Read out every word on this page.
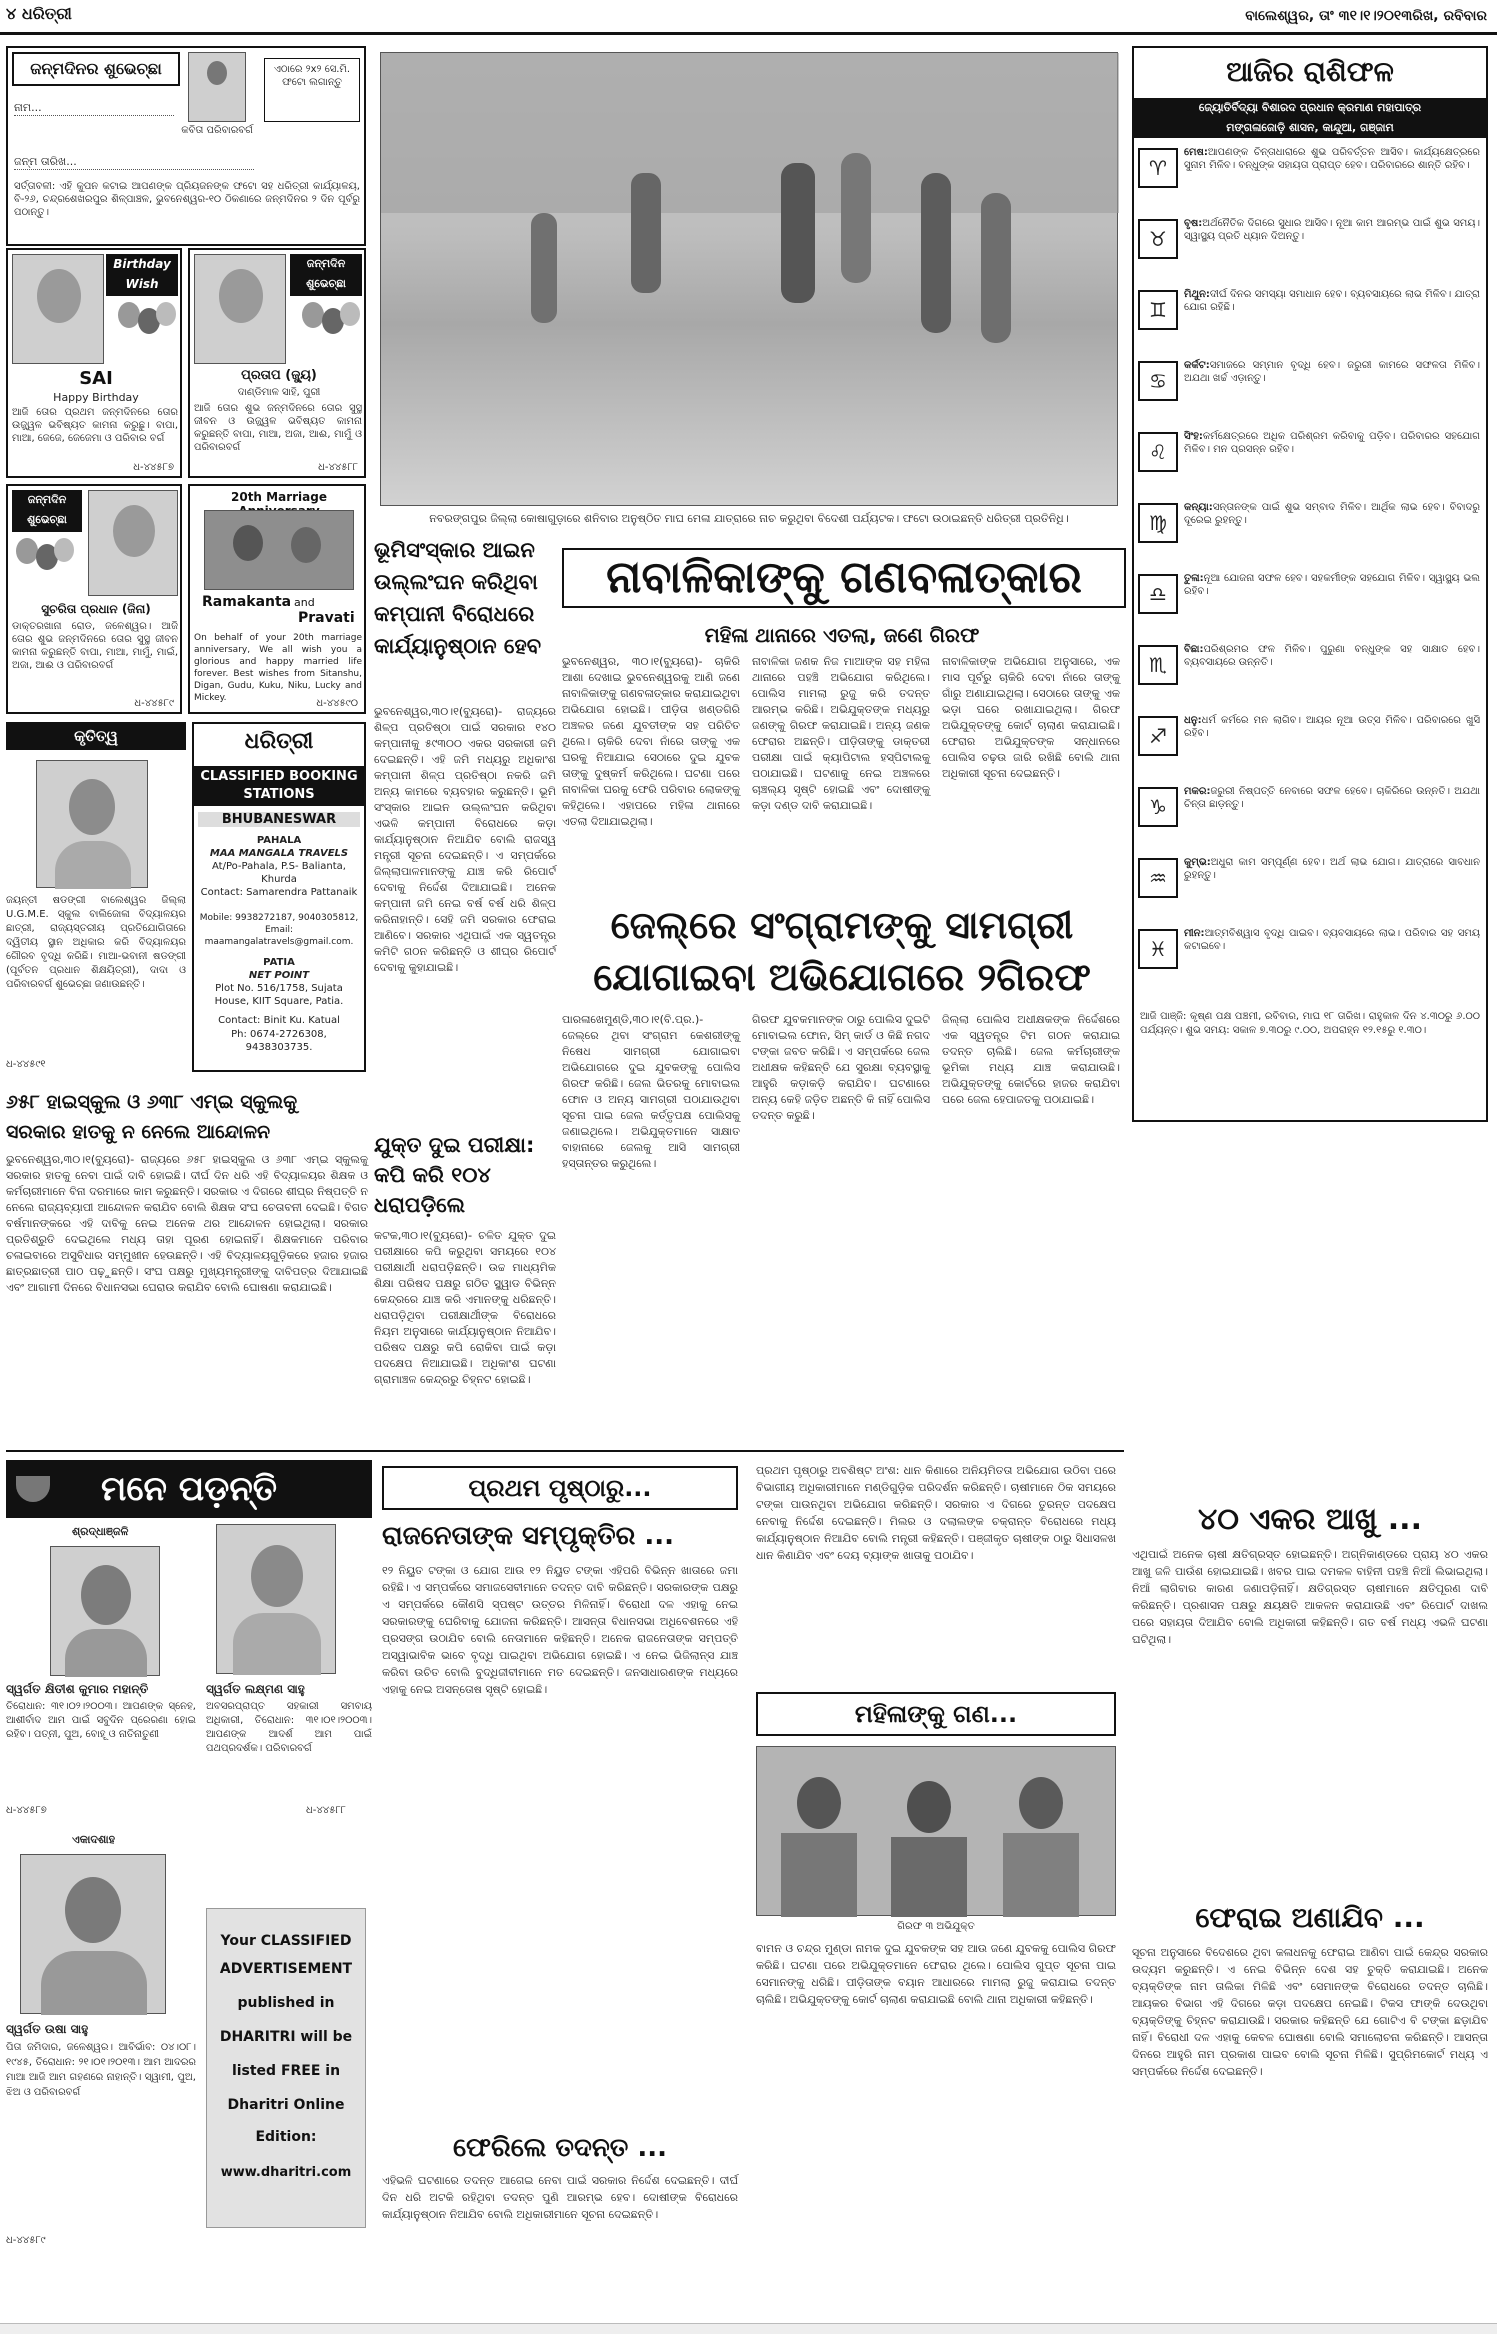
୪ ଧରିତ୍ରୀ	ବାଲେଶ୍ୱର, ତାଂ ୩୧।୧।୨୦୧୩ରିଖ, ରବିବାର
ଜନ୍ମଦିନର ଶୁଭେଚ୍ଛା
କବିତା ପରିବାରବର୍ଗ
ଏଠାରେ ୨x୨ ସେ.ମି. ଫଟୋ ଲଗାନ୍ତୁ
ନାମ...
ଜନ୍ମ ତାରିଖ...
ସର୍ତ୍ତାବଳୀ: ଏହି କୁପନ କଟାଇ ଆପଣଙ୍କ ପ୍ରିୟଜନଙ୍କ ଫଟୋ ସହ ଧରିତ୍ରୀ କାର୍ଯ୍ୟାଳୟ, ବି-୨୬, ଚନ୍ଦ୍ରଶେଖରପୁର ଶିଳ୍ପାଞ୍ଚଳ, ଭୁବନେଶ୍ୱର-୧୦ ଠିକଣାରେ ଜନ୍ମଦିନର ୨ ଦିନ ପୂର୍ବରୁ ପଠାନ୍ତୁ।
Birthday Wish
SAI
Happy Birthday
ଆଜି ତୋର ପ୍ରଥମ ଜନ୍ମଦିନରେ ତୋର ଉଜ୍ଜ୍ୱଳ ଭବିଷ୍ୟତ କାମନା କରୁଛୁ। ବାପା, ମାଆ, ଜେଜେ, ଜେଜେମା ଓ ପରିବାର ବର୍ଗ
ଧ-୪୪୫୮୭
ଜନ୍ମଦିନ ଶୁଭେଚ୍ଛା
ପ୍ରତାପ (ଜ୍ୟୁ)
ଦାଣ୍ଡିମାଳ ସାହି, ପୁରୀ
ଆଜି ତୋର ଶୁଭ ଜନ୍ମଦିନରେ ତୋର ସୁସ୍ଥ ଜୀବନ ଓ ଉଜ୍ଜ୍ୱଳ ଭବିଷ୍ୟତ କାମନା କରୁଛନ୍ତି ବାପା, ମାଆ, ଅଜା, ଆଈ, ମାମୁଁ ଓ ପରିବାରବର୍ଗ
ଧ-୪୪୫୮୮
ଜନ୍ମଦିନ ଶୁଭେଚ୍ଛା
ସୁଚରିତା ପ୍ରଧାନ (ଜିନା)
ଡାକ୍ତରଖାନା ରୋଡ, ଜଳେଶ୍ୱର। ଆଜି ତୋର ଶୁଭ ଜନ୍ମଦିନରେ ତୋର ସୁସ୍ଥ ଜୀବନ କାମନା କରୁଛନ୍ତି ବାପା, ମାଆ, ମାମୁଁ, ମାଇଁ, ଅଜା, ଆଈ ଓ ପରିବାରବର୍ଗ
ଧ-୪୪୫୮୯
20th Marriage
Ramakanta and
Pravati
On behalf of your 20th marriage anniversary, We all wish you a glorious and happy married life forever. Best wishes from Sitanshu, Digan, Gudu, Kuku, Niku, Lucky and Mickey.	ଧ-୪୪୫୯୦
କୃତିତ୍ୱ
ଜୟନ୍ତୀ ଷଡଙ୍ଗୀ ବାଲେଶ୍ୱର ଜିଲ୍ଲା U.G.M.E. ସ୍କୁଲ ବାଲିଜୋଳା ବିଦ୍ୟାଳୟର ଛାତ୍ରୀ, ରାଜ୍ୟସ୍ତରୀୟ ପ୍ରତିଯୋଗିତାରେ ଦ୍ୱିତୀୟ ସ୍ଥାନ ଅଧିକାର କରି ବିଦ୍ୟାଳୟର ଗୌରବ ବୃଦ୍ଧି କରିଛି। ମାଆ-ଭବାନୀ ଷଡଙ୍ଗୀ (ପୂର୍ବତନ ପ୍ରଧାନ ଶିକ୍ଷୟିତ୍ରୀ), ଦାଦା ଓ ପରିବାରବର୍ଗ ଶୁଭେଚ୍ଛା ଜଣାଉଛନ୍ତି।
ଧ-୪୪୫୯୧
ଧରିତ୍ରୀ
CLASSIFIED BOOKING STATIONS
BHUBANESWAR
PAHALA
MAA MANGALA TRAVELS
At/Po-Pahala, P.S- Balianta, Khurda
Contact: Samarendra Pattanaik
Mobile: 9938272187, 9040305812, Email: maamangalatravels@gmail.com.
PATIA
NET POINT
Plot No. 516/1758, Sujata House, KIIT Square, Patia.
Contact: Binit Ku. Katual
Ph: 0674-2726308, 9438303735.
ନବରଙ୍ଗପୁର ଜିଲ୍ଲା କୋଷାଗୁଡ଼ାରେ ଶନିବାର ଅନୁଷ୍ଠିତ ମାଘ ମେଳା ଯାତ୍ରାରେ ନାଚ କରୁଥିବା ବିଦେଶୀ ପର୍ଯ୍ୟଟକ। ଫଟୋ ଉଠାଇଛନ୍ତି ଧରିତ୍ରୀ ପ୍ରତିନିଧି।
ଭୂମିସଂସ୍କାର ଆଇନ ଉଲ୍ଲଂଘନ କରିଥିବା କମ୍ପାନୀ ବିରୋଧରେ କାର୍ଯ୍ୟାନୁଷ୍ଠାନ ହେବ
ଭୁବନେଶ୍ୱର,୩୦।୧(ବ୍ୟୁରୋ)- ରାଜ୍ୟରେ ଶିଳ୍ପ ପ୍ରତିଷ୍ଠା ପାଇଁ ସରକାର ୧୪୦ କମ୍ପାନୀକୁ ୫୯୩୦୦ ଏକର ସରକାରୀ ଜମି ଦେଇଛନ୍ତି। ଏହି ଜମି ମଧ୍ୟରୁ ଅଧିକାଂଶ କମ୍ପାନୀ ଶିଳ୍ପ ପ୍ରତିଷ୍ଠା ନକରି ଜମି ଅନ୍ୟ କାମରେ ବ୍ୟବହାର କରୁଛନ୍ତି। ଭୂମି ସଂସ୍କାର ଆଇନ ଉଲ୍ଲଂଘନ କରିଥିବା ଏଭଳି କମ୍ପାନୀ ବିରୋଧରେ କଡ଼ା କାର୍ଯ୍ୟାନୁଷ୍ଠାନ ନିଆଯିବ ବୋଲି ରାଜସ୍ୱ ମନ୍ତ୍ରୀ ସୂଚନା ଦେଇଛନ୍ତି। ଏ ସମ୍ପର୍କରେ ଜିଲ୍ଲାପାଳମାନଙ୍କୁ ଯାଞ୍ଚ କରି ରିପୋର୍ଟ ଦେବାକୁ ନିର୍ଦ୍ଦେଶ ଦିଆଯାଇଛି। ଅନେକ କମ୍ପାନୀ ଜମି ନେଇ ବର୍ଷ ବର୍ଷ ଧରି ଶିଳ୍ପ କରିନାହାନ୍ତି। ସେହି ଜମି ସରକାର ଫେରାଇ ଆଣିବେ। ସରକାର ଏଥିପାଇଁ ଏକ ସ୍ୱତନ୍ତ୍ର କମିଟି ଗଠନ କରିଛନ୍ତି ଓ ଶୀଘ୍ର ରିପୋର୍ଟ ଦେବାକୁ କୁହାଯାଇଛି।
ନାବାଳିକାଙ୍କୁ ଗଣବଳାତ୍କାର
ମହିଳା ଥାନାରେ ଏତଲା, ଜଣେ ଗିରଫ
ଭୁବନେଶ୍ୱର, ୩୦।୧(ବ୍ୟୁରୋ)- ଚାକିରି ଆଶା ଦେଖାଇ ଭୁବନେଶ୍ୱରକୁ ଆଣି ଜଣେ ନାବାଳିକାଙ୍କୁ ଗଣବଳାତ୍କାର କରାଯାଇଥିବା ଅଭିଯୋଗ ହୋଇଛି। ପୀଡ଼ିତା ଖଣ୍ଡଗିରି ଅଞ୍ଚଳର ଜଣେ ଯୁବତୀଙ୍କ ସହ ପରିଚିତ ଥିଲେ। ଚାକିରି ଦେବା ନାଁରେ ତାଙ୍କୁ ଏକ ଘରକୁ ନିଆଯାଇ ସେଠାରେ ଦୁଇ ଯୁବକ ତାଙ୍କୁ ଦୁଷ୍କର୍ମ କରିଥିଲେ। ଘଟଣା ପରେ ନାବାଳିକା ଘରକୁ ଫେରି ପରିବାର ଲୋକଙ୍କୁ କହିଥିଲେ। ଏହାପରେ ମହିଳା ଥାନାରେ ଏତଲା ଦିଆଯାଇଥିଲା।
ନାବାଳିକା ଜଣକ ନିଜ ମାଆଙ୍କ ସହ ମହିଳା ଥାନାରେ ପହଞ୍ଚି ଅଭିଯୋଗ କରିଥିଲେ। ପୋଲିସ ମାମଲା ରୁଜୁ କରି ତଦନ୍ତ ଆରମ୍ଭ କରିଛି। ଅଭିଯୁକ୍ତଙ୍କ ମଧ୍ୟରୁ ଜଣଙ୍କୁ ଗିରଫ କରାଯାଇଛି। ଅନ୍ୟ ଜଣକ ଫେରାର ଅଛନ୍ତି। ପୀଡ଼ିତାଙ୍କୁ ଡାକ୍ତରୀ ପରୀକ୍ଷା ପାଇଁ କ୍ୟାପିଟାଲ ହସ୍ପିଟାଲକୁ ପଠାଯାଇଛି। ଘଟଣାକୁ ନେଇ ଅଞ୍ଚଳରେ ଚାଞ୍ଚଲ୍ୟ ସୃଷ୍ଟି ହୋଇଛି ଏବଂ ଦୋଷୀଙ୍କୁ କଡ଼ା ଦଣ୍ଡ ଦାବି କରାଯାଇଛି।
ନାବାଳିକାଙ୍କ ଅଭିଯୋଗ ଅନୁସାରେ, ଏକ ମାସ ପୂର୍ବରୁ ଚାକିରି ଦେବା ନାଁରେ ତାଙ୍କୁ ଗାଁରୁ ଅଣାଯାଇଥିଲା। ସେଠାରେ ତାଙ୍କୁ ଏକ ଭଡ଼ା ଘରେ ରଖାଯାଇଥିଲା। ଗିରଫ ଅଭିଯୁକ୍ତଙ୍କୁ କୋର୍ଟ ଚାଲାଣ କରାଯାଇଛି। ଫେରାର ଅଭିଯୁକ୍ତଙ୍କ ସନ୍ଧାନରେ ପୋଲିସ ଚଢ଼ଉ ଜାରି ରଖିଛି ବୋଲି ଥାନା ଅଧିକାରୀ ସୂଚନା ଦେଇଛନ୍ତି।
ଜେଲ୍‌ରେ ସଂଗ୍ରାମଙ୍କୁ ସାମଗ୍ରୀ
ଯୋଗାଇବା ଅଭିଯୋଗରେ ୨ଗିରଫ
ପାରଳାଖେମୁଣ୍ଡି,୩୦।୧(ବି.ପ୍ର.)- ଜେଲ୍‌ରେ ଥିବା ସଂଗ୍ରାମ କେଶରୀଙ୍କୁ ନିଷେଧ ସାମଗ୍ରୀ ଯୋଗାଇବା ଅଭିଯୋଗରେ ଦୁଇ ଯୁବକଙ୍କୁ ପୋଲିସ ଗିରଫ କରିଛି। ଜେଲ ଭିତରକୁ ମୋବାଇଲ ଫୋନ ଓ ଅନ୍ୟ ସାମଗ୍ରୀ ପଠାଯାଉଥିବା ସୂଚନା ପାଇ ଜେଲ କର୍ତ୍ତୃପକ୍ଷ ପୋଲିସକୁ ଜଣାଇଥିଲେ। ଅଭିଯୁକ୍ତମାନେ ସାକ୍ଷାତ ବାହାନାରେ ଜେଲକୁ ଆସି ସାମଗ୍ରୀ ହସ୍ତାନ୍ତର କରୁଥିଲେ।
ଗିରଫ ଯୁବକମାନଙ୍କ ଠାରୁ ପୋଲିସ ଦୁଇଟି ମୋବାଇଲ ଫୋନ, ସିମ୍ କାର୍ଡ ଓ କିଛି ନଗଦ ଟଙ୍କା ଜବତ କରିଛି। ଏ ସମ୍ପର୍କରେ ଜେଲ ଅଧୀକ୍ଷକ କହିଛନ୍ତି ଯେ ସୁରକ୍ଷା ବ୍ୟବସ୍ଥାକୁ ଆହୁରି କଡ଼ାକଡ଼ି କରାଯିବ। ଘଟଣାରେ ଅନ୍ୟ କେହି ଜଡ଼ିତ ଅଛନ୍ତି କି ନାହିଁ ପୋଲିସ ତଦନ୍ତ କରୁଛି।
ଜିଲ୍ଲା ପୋଲିସ ଅଧୀକ୍ଷକଙ୍କ ନିର୍ଦ୍ଦେଶରେ ଏକ ସ୍ୱତନ୍ତ୍ର ଟିମ ଗଠନ କରାଯାଇ ତଦନ୍ତ ଚାଲିଛି। ଜେଲ କର୍ମଚାରୀଙ୍କ ଭୂମିକା ମଧ୍ୟ ଯାଞ୍ଚ କରାଯାଉଛି। ଅଭିଯୁକ୍ତଙ୍କୁ କୋର୍ଟରେ ହାଜର କରାଯିବା ପରେ ଜେଲ ହେପାଜତକୁ ପଠାଯାଇଛି।
ଯୁକ୍ତ ଦୁଇ ପରୀକ୍ଷା: କପି କରି ୧୦୪ ଧରାପଡ଼ିଲେ
କଟକ,୩୦।୧(ବ୍ୟୁରୋ)- ଚଳିତ ଯୁକ୍ତ ଦୁଇ ପରୀକ୍ଷାରେ କପି କରୁଥିବା ସମୟରେ ୧୦୪ ପରୀକ୍ଷାର୍ଥୀ ଧରାପଡ଼ିଛନ୍ତି। ଉଚ୍ଚ ମାଧ୍ୟମିକ ଶିକ୍ଷା ପରିଷଦ ପକ୍ଷରୁ ଗଠିତ ସ୍କ୍ୱାଡ ବିଭିନ୍ନ କେନ୍ଦ୍ରରେ ଯାଞ୍ଚ କରି ଏମାନଙ୍କୁ ଧରିଛନ୍ତି। ଧରାପଡ଼ିଥିବା ପରୀକ୍ଷାର୍ଥୀଙ୍କ ବିରୋଧରେ ନିୟମ ଅନୁସାରେ କାର୍ଯ୍ୟାନୁଷ୍ଠାନ ନିଆଯିବ। ପରିଷଦ ପକ୍ଷରୁ କପି ରୋକିବା ପାଇଁ କଡ଼ା ପଦକ୍ଷେପ ନିଆଯାଇଛି। ଅଧିକାଂଶ ଘଟଣା ଗ୍ରାମାଞ୍ଚଳ କେନ୍ଦ୍ରରୁ ଚିହ୍ନଟ ହୋଇଛି।
୬୫୮ ହାଇସ୍କୁଲ ଓ ୬୩୮ ଏମ୍‌ଇ ସ୍କୁଲକୁ
ସରକାର ହାତକୁ ନ ନେଲେ ଆନ୍ଦୋଳନ
ଭୁବନେଶ୍ୱର,୩୦।୧(ବ୍ୟୁରୋ)- ରାଜ୍ୟରେ ୬୫୮ ହାଇସ୍କୁଲ ଓ ୬୩୮ ଏମ୍‌ଇ ସ୍କୁଲକୁ ସରକାର ହାତକୁ ନେବା ପାଇଁ ଦାବି ହୋଇଛି। ଦୀର୍ଘ ଦିନ ଧରି ଏହି ବିଦ୍ୟାଳୟର ଶିକ୍ଷକ ଓ କର୍ମଚାରୀମାନେ ବିନା ଦରମାରେ କାମ କରୁଛନ୍ତି। ସରକାର ଏ ଦିଗରେ ଶୀଘ୍ର ନିଷ୍ପତ୍ତି ନ ନେଲେ ରାଜ୍ୟବ୍ୟାପୀ ଆନ୍ଦୋଳନ କରାଯିବ ବୋଲି ଶିକ୍ଷକ ସଂଘ ଚେତାବନୀ ଦେଇଛି। ବିଗତ ବର୍ଷମାନଙ୍କରେ ଏହି ଦାବିକୁ ନେଇ ଅନେକ ଥର ଆନ୍ଦୋଳନ ହୋଇଥିଲା। ସରକାର ପ୍ରତିଶ୍ରୁତି ଦେଇଥିଲେ ମଧ୍ୟ ତାହା ପୂରଣ ହୋଇନାହିଁ। ଶିକ୍ଷକମାନେ ପରିବାର ଚଳାଇବାରେ ଅସୁବିଧାର ସମ୍ମୁଖୀନ ହେଉଛନ୍ତି। ଏହି ବିଦ୍ୟାଳୟଗୁଡ଼ିକରେ ହଜାର ହଜାର ଛାତ୍ରଛାତ୍ରୀ ପାଠ ପଢ଼ୁଛନ୍ତି। ସଂଘ ପକ୍ଷରୁ ମୁଖ୍ୟମନ୍ତ୍ରୀଙ୍କୁ ଦାବିପତ୍ର ଦିଆଯାଇଛି ଏବଂ ଆଗାମୀ ଦିନରେ ବିଧାନସଭା ଘେରାଉ କରାଯିବ ବୋଲି ଘୋଷଣା କରାଯାଇଛି।
ଆଜିର ରାଶିଫଳ
ଜ୍ୟୋତିର୍ବିଦ୍ୟା ବିଶାରଦ ପ୍ରଧାନ କ୍ରମାଣ ମହାପାତ୍ର
ମଙ୍ଗଳାଜୋଡ଼ି ଶାସନ, କାନ୍ଦୁଆ, ଗଞ୍ଜାମ
♈
ମେଷ:ଆପଣଙ୍କ ଚିନ୍ତାଧାରାରେ ଶୁଭ ପରିବର୍ତ୍ତନ ଆସିବ। କାର୍ଯ୍ୟକ୍ଷେତ୍ରରେ ସୁନାମ ମିଳିବ। ବନ୍ଧୁଙ୍କ ସହାୟତା ପ୍ରାପ୍ତ ହେବ। ପରିବାରରେ ଶାନ୍ତି ରହିବ।
♉
ବୃଷ:ଅର୍ଥନୈତିକ ଦିଗରେ ସୁଧାର ଆସିବ। ନୂଆ କାମ ଆରମ୍ଭ ପାଇଁ ଶୁଭ ସମୟ। ସ୍ୱାସ୍ଥ୍ୟ ପ୍ରତି ଧ୍ୟାନ ଦିଅନ୍ତୁ।
♊
ମିଥୁନ:ଦୀର୍ଘ ଦିନର ସମସ୍ୟା ସମାଧାନ ହେବ। ବ୍ୟବସାୟରେ ଲାଭ ମିଳିବ। ଯାତ୍ରା ଯୋଗ ରହିଛି।
♋
କର୍କଟ:ସମାଜରେ ସମ୍ମାନ ବୃଦ୍ଧି ହେବ। ଜରୁରୀ କାମରେ ସଫଳତା ମିଳିବ। ଅଯଥା ଖର୍ଚ୍ଚ ଏଡ଼ାନ୍ତୁ।
♌
ସିଂହ:କର୍ମକ୍ଷେତ୍ରରେ ଅଧିକ ପରିଶ୍ରମ କରିବାକୁ ପଡ଼ିବ। ପରିବାରର ସହଯୋଗ ମିଳିବ। ମନ ପ୍ରସନ୍ନ ରହିବ।
♍
କନ୍ୟା:ସନ୍ତାନଙ୍କ ପାଇଁ ଶୁଭ ସମ୍ବାଦ ମିଳିବ। ଆର୍ଥିକ ଲାଭ ହେବ। ବିବାଦରୁ ଦୂରେଇ ରୁହନ୍ତୁ।
♎
ତୁଳା:ନୂଆ ଯୋଜନା ସଫଳ ହେବ। ସହକର୍ମୀଙ୍କ ସହଯୋଗ ମିଳିବ। ସ୍ୱାସ୍ଥ୍ୟ ଭଲ ରହିବ।
♏
ବିଛା:ପରିଶ୍ରମର ଫଳ ମିଳିବ। ପୁରୁଣା ବନ୍ଧୁଙ୍କ ସହ ସାକ୍ଷାତ ହେବ। ବ୍ୟବସାୟରେ ଉନ୍ନତି।
♐
ଧନୁ:ଧର୍ମ କର୍ମରେ ମନ ଲାଗିବ। ଆୟର ନୂଆ ଉତ୍ସ ମିଳିବ। ପରିବାରରେ ଖୁସି ରହିବ।
♑
ମକର:ଜରୁରୀ ନିଷ୍ପତ୍ତି ନେବାରେ ସଫଳ ହେବେ। ଚାକିରିରେ ଉନ୍ନତି। ଅଯଥା ଚିନ୍ତା ଛାଡ଼ନ୍ତୁ।
♒
କୁମ୍ଭ:ଅଧୁରା କାମ ସମ୍ପୂର୍ଣ୍ଣ ହେବ। ଅର୍ଥ ଲାଭ ଯୋଗ। ଯାତ୍ରାରେ ସାବଧାନ ରୁହନ୍ତୁ।
♓
ମୀନ:ଆତ୍ମବିଶ୍ୱାସ ବୃଦ୍ଧି ପାଇବ। ବ୍ୟବସାୟରେ ଲାଭ। ପରିବାର ସହ ସମୟ କଟାଇବେ।
ଆଜି ପାଞ୍ଜି: କୃଷ୍ଣ ପକ୍ଷ ପଞ୍ଚମୀ, ରବିବାର, ମାଘ ୧୮ ତାରିଖ। ରାହୁକାଳ ଦିନ ୪.୩୦ରୁ ୬.୦୦ ପର୍ଯ୍ୟନ୍ତ। ଶୁଭ ସମୟ: ସକାଳ ୭.୩୦ରୁ ୯.୦୦, ଅପରାହ୍ନ ୧୨.୧୫ରୁ ୧.୩୦।
ମନେ ପଡ଼ନ୍ତି
ଶ୍ରଦ୍ଧାଞ୍ଜଳି
ସ୍ୱର୍ଗତ କ୍ଷିତୀଶ କୁମାର ମହାନ୍ତି
ତିରୋଧାନ: ୩୧।୦୨।୨୦୦୩। ଆପଣଙ୍କ ସ୍ନେହ, ଆଶୀର୍ବାଦ ଆମ ପାଇଁ ସବୁଦିନ ପ୍ରେରଣା ହୋଇ ରହିବ। ପତ୍ନୀ, ପୁଅ, ବୋହୂ ଓ ନାତିନାତୁଣୀ
ଧ-୪୪୫୮୭
ସ୍ୱର୍ଗତ ଲକ୍ଷ୍ମଣ ସାହୁ
ଅବସରପ୍ରାପ୍ତ ସହକାରୀ ସମବାୟ ଅଧିକାରୀ, ତିରୋଧାନ: ୩୧।୦୧।୨୦୦୩। ଆପଣଙ୍କ ଆଦର୍ଶ ଆମ ପାଇଁ ପଥପ୍ରଦର୍ଶକ। ପରିବାରବର୍ଗ
ଧ-୪୪୫୮୮
ଏକାଦଶାହ
ସ୍ୱର୍ଗତ ଉଷା ସାହୁ
ପିତା ଜମିଦାର, ଜଳେଶ୍ୱର। ଆବିର୍ଭାବ: ୦୪।୦୮।୧୯୪୫, ତିରୋଧାନ: ୨୧।୦୧।୨୦୧୩। ଆମ ଆଦରର ମାଆ ଆଜି ଆମ ଗହଣରେ ନାହାନ୍ତି। ସ୍ୱାମୀ, ପୁଅ, ଝିଅ ଓ ପରିବାରବର୍ଗ
ଧ-୪୪୫୮୯
Your CLASSIFIED
ADVERTISEMENT
published in
DHARITRI will be
listed FREE in
Dharitri Online
Edition:
www.dharitri.com
ପ୍ରଥମ ପୃଷ୍ଠାରୁ...
ରାଜନେତାଙ୍କ ସମ୍ପୃକ୍ତିର ...
୧୨ ନିୟୁତ ଟଙ୍କା ଓ ଯୋଗ ଆଉ ୧୨ ନିୟୁତ ଟଙ୍କା ଏହିପରି ବିଭିନ୍ନ ଖାତାରେ ଜମା ରହିଛି। ଏ ସମ୍ପର୍କରେ ସମାଜସେବୀମାନେ ତଦନ୍ତ ଦାବି କରିଛନ୍ତି। ସରକାରଙ୍କ ପକ୍ଷରୁ ଏ ସମ୍ପର୍କରେ କୌଣସି ସ୍ପଷ୍ଟ ଉତ୍ତର ମିଳିନାହିଁ। ବିରୋଧୀ ଦଳ ଏହାକୁ ନେଇ ସରକାରଙ୍କୁ ଘେରିବାକୁ ଯୋଜନା କରିଛନ୍ତି। ଆସନ୍ତା ବିଧାନସଭା ଅଧିବେଶନରେ ଏହି ପ୍ରସଙ୍ଗ ଉଠାଯିବ ବୋଲି ନେତାମାନେ କହିଛନ୍ତି। ଅନେକ ରାଜନେତାଙ୍କ ସମ୍ପତ୍ତି ଅସ୍ୱାଭାବିକ ଭାବେ ବୃଦ୍ଧି ପାଇଥିବା ଅଭିଯୋଗ ହୋଇଛି। ଏ ନେଇ ଭିଜିଲାନ୍ସ ଯାଞ୍ଚ କରିବା ଉଚିତ ବୋଲି ବୁଦ୍ଧିଜୀବୀମାନେ ମତ ଦେଇଛନ୍ତି। ଜନସାଧାରଣଙ୍କ ମଧ୍ୟରେ ଏହାକୁ ନେଇ ଅସନ୍ତୋଷ ସୃଷ୍ଟି ହୋଇଛି।
ଫେରିଲେ ତଦନ୍ତ ...
ଏହିଭଳି ଘଟଣାରେ ତଦନ୍ତ ଆଗେଇ ନେବା ପାଇଁ ସରକାର ନିର୍ଦ୍ଦେଶ ଦେଇଛନ୍ତି। ଦୀର୍ଘ ଦିନ ଧରି ଅଟକି ରହିଥିବା ତଦନ୍ତ ପୁଣି ଆରମ୍ଭ ହେବ। ଦୋଷୀଙ୍କ ବିରୋଧରେ କାର୍ଯ୍ୟାନୁଷ୍ଠାନ ନିଆଯିବ ବୋଲି ଅଧିକାରୀମାନେ ସୂଚନା ଦେଇଛନ୍ତି।
ପ୍ରଥମ ପୃଷ୍ଠାରୁ ଅବଶିଷ୍ଟ ଅଂଶ: ଧାନ କିଣାରେ ଅନିୟମିତତା ଅଭିଯୋଗ ଉଠିବା ପରେ ବିଭାଗୀୟ ଅଧିକାରୀମାନେ ମଣ୍ଡିଗୁଡ଼ିକ ପରିଦର୍ଶନ କରିଛନ୍ତି। ଚାଷୀମାନେ ଠିକ ସମୟରେ ଟଙ୍କା ପାଉନଥିବା ଅଭିଯୋଗ କରିଛନ୍ତି। ସରକାର ଏ ଦିଗରେ ତୁରନ୍ତ ପଦକ୍ଷେପ ନେବାକୁ ନିର୍ଦ୍ଦେଶ ଦେଇଛନ୍ତି। ମିଲର ଓ ଦଲାଲଙ୍କ ଚକ୍ରାନ୍ତ ବିରୋଧରେ ମଧ୍ୟ କାର୍ଯ୍ୟାନୁଷ୍ଠାନ ନିଆଯିବ ବୋଲି ମନ୍ତ୍ରୀ କହିଛନ୍ତି। ପଞ୍ଜୀକୃତ ଚାଷୀଙ୍କ ଠାରୁ ସିଧାସଳଖ ଧାନ କିଣାଯିବ ଏବଂ ଦେୟ ବ୍ୟାଙ୍କ ଖାତାକୁ ପଠାଯିବ।
ମହିଳାଙ୍କୁ ଗଣ...
ଗିରଫ ୩ ଅଭିଯୁକ୍ତ
ବାମନ ଓ ଚନ୍ଦ୍ର ମୁଣ୍ଡା ନାମକ ଦୁଇ ଯୁବକଙ୍କ ସହ ଆଉ ଜଣେ ଯୁବକକୁ ପୋଲିସ ଗିରଫ କରିଛି। ଘଟଣା ପରେ ଅଭିଯୁକ୍ତମାନେ ଫେରାର ଥିଲେ। ପୋଲିସ ଗୁପ୍ତ ସୂଚନା ପାଇ ସେମାନଙ୍କୁ ଧରିଛି। ପୀଡ଼ିତାଙ୍କ ବୟାନ ଆଧାରରେ ମାମଲା ରୁଜୁ କରାଯାଇ ତଦନ୍ତ ଚାଲିଛି। ଅଭିଯୁକ୍ତଙ୍କୁ କୋର୍ଟ ଚାଲାଣ କରାଯାଇଛି ବୋଲି ଥାନା ଅଧିକାରୀ କହିଛନ୍ତି।
୪୦ ଏକର ଆଖୁ ...
ଏଥିପାଇଁ ଅନେକ ଚାଷୀ କ୍ଷତିଗ୍ରସ୍ତ ହୋଇଛନ୍ତି। ଅଗ୍ନିକାଣ୍ଡରେ ପ୍ରାୟ ୪୦ ଏକର ଆଖୁ ଜଳି ପାଉଁଶ ହୋଇଯାଇଛି। ଖବର ପାଇ ଦମକଳ ବାହିନୀ ପହଞ୍ଚି ନିଆଁ ଲିଭାଇଥିଲା। ନିଆଁ ଲାଗିବାର କାରଣ ଜଣାପଡ଼ିନାହିଁ। କ୍ଷତିଗ୍ରସ୍ତ ଚାଷୀମାନେ କ୍ଷତିପୂରଣ ଦାବି କରିଛନ୍ତି। ପ୍ରଶାସନ ପକ୍ଷରୁ କ୍ଷୟକ୍ଷତି ଆକଳନ କରାଯାଉଛି ଏବଂ ରିପୋର୍ଟ ଦାଖଲ ପରେ ସହାୟତା ଦିଆଯିବ ବୋଲି ଅଧିକାରୀ କହିଛନ୍ତି। ଗତ ବର୍ଷ ମଧ୍ୟ ଏଭଳି ଘଟଣା ଘଟିଥିଲା।
ଫେରାଇ ଅଣାଯିବ ...
ସୂଚନା ଅନୁସାରେ ବିଦେଶରେ ଥିବା କଳାଧନକୁ ଫେରାଇ ଆଣିବା ପାଇଁ କେନ୍ଦ୍ର ସରକାର ଉଦ୍ୟମ କରୁଛନ୍ତି। ଏ ନେଇ ବିଭିନ୍ନ ଦେଶ ସହ ଚୁକ୍ତି କରାଯାଇଛି। ଅନେକ ବ୍ୟକ୍ତିଙ୍କ ନାମ ତାଲିକା ମିଳିଛି ଏବଂ ସେମାନଙ୍କ ବିରୋଧରେ ତଦନ୍ତ ଚାଲିଛି। ଆୟକର ବିଭାଗ ଏହି ଦିଗରେ କଡ଼ା ପଦକ୍ଷେପ ନେଇଛି। ଟିକସ ଫାଙ୍କି ଦେଉଥିବା ବ୍ୟକ୍ତିଙ୍କୁ ଚିହ୍ନଟ କରାଯାଉଛି। ସରକାର କହିଛନ୍ତି ଯେ ଗୋଟିଏ ବି ଟଙ୍କା ଛଡ଼ାଯିବ ନାହିଁ। ବିରୋଧୀ ଦଳ ଏହାକୁ କେବଳ ଘୋଷଣା ବୋଲି ସମାଲୋଚନା କରିଛନ୍ତି। ଆସନ୍ତା ଦିନରେ ଆହୁରି ନାମ ପ୍ରକାଶ ପାଇବ ବୋଲି ସୂଚନା ମିଳିଛି। ସୁପ୍ରିମକୋର୍ଟ ମଧ୍ୟ ଏ ସମ୍ପର୍କରେ ନିର୍ଦ୍ଦେଶ ଦେଇଛନ୍ତି।
